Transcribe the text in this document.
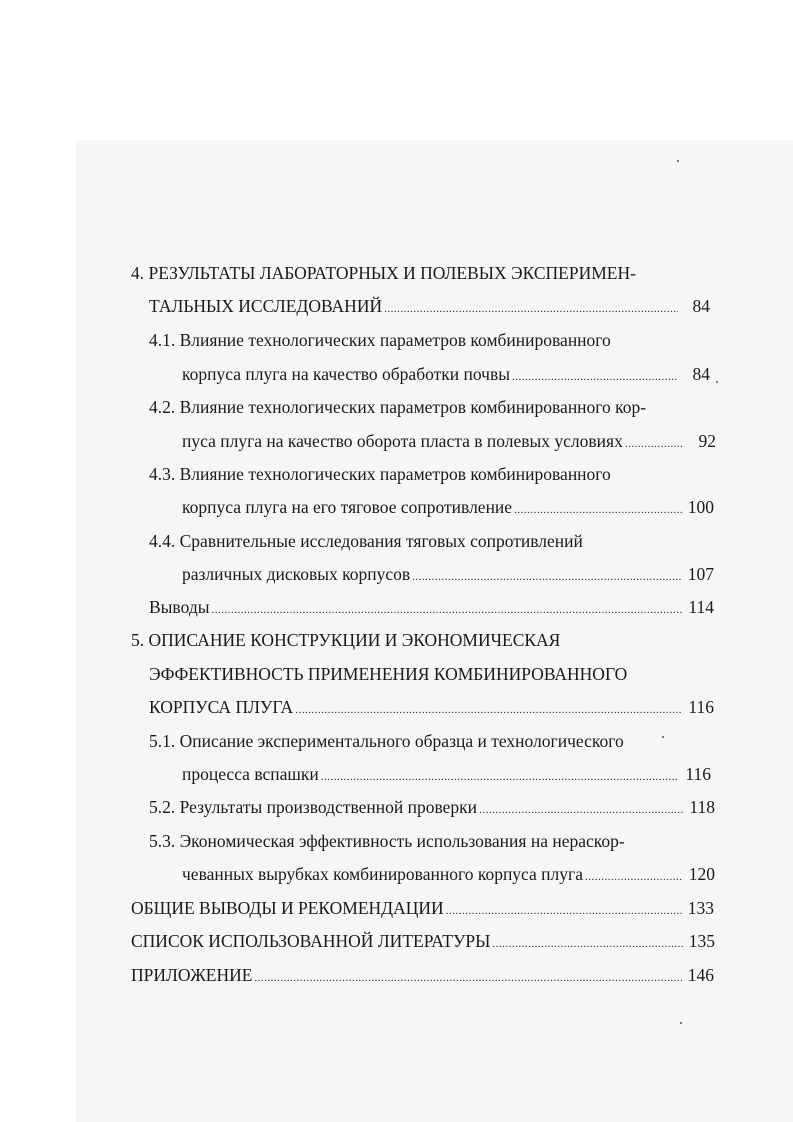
4. РЕЗУЛЬТАТЫ ЛАБОРАТОРНЫХ И ПОЛЕВЫХ ЭКСПЕРИМЕН-
ТАЛЬНЫХ ИССЛЕДОВАНИЙ .....	84
4.1. Влияние технологических параметров комбинированного
корпуса плуга на качество обработки почвы .....	84
4.2. Влияние технологических параметров комбинированного кор-
пуса плуга на качество оборота пласта в полевых условиях .....	92
4.3. Влияние технологических параметров комбинированного
корпуса плуга на его тяговое сопротивление .....	100
4.4. Сравнительные исследования тяговых сопротивлений
различных дисковых корпусов .....	107
Выводы .....	114
5. ОПИСАНИЕ КОНСТРУКЦИИ И ЭКОНОМИЧЕСКАЯ
ЭФФЕКТИВНОСТЬ ПРИМЕНЕНИЯ КОМБИНИРОВАННОГО
КОРПУСА ПЛУГА .....	116
5.1. Описание экспериментального образца и технологического
процесса вспашки .....	116
5.2. Результаты производственной проверки .....	118
5.3. Экономическая эффективность использования на нераскор-
чеванных вырубках комбинированного корпуса плуга .....	120
ОБЩИЕ ВЫВОДЫ И РЕКОМЕНДАЦИИ .....	133
СПИСОК ИСПОЛЬЗОВАННОЙ ЛИТЕРАТУРЫ .....	135
ПРИЛОЖЕНИЕ .....	146
